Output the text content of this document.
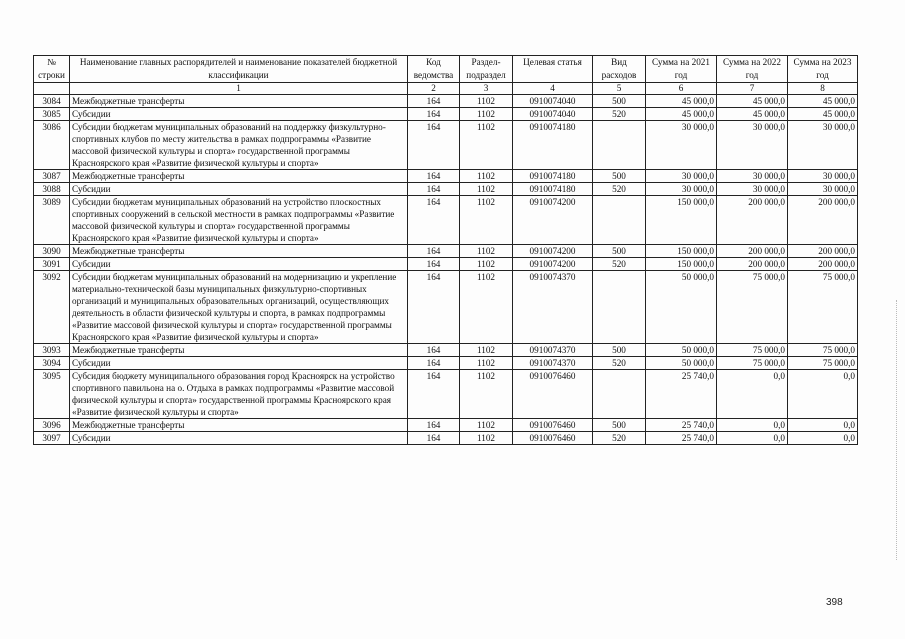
№ строки	Наименование главных распорядителей и наименование показателей бюджетной классификации	Код ведомства	Раздел-подраздел	Целевая статья	Вид расходов	Сумма на 2021 год	Сумма на 2022 год	Сумма на 2023 год
	1	2	3	4	5	6	7	8
3084	Межбюджетные трансферты	164	1102	0910074040	500	45 000,0	45 000,0	45 000,0
3085	Субсидии	164	1102	0910074040	520	45 000,0	45 000,0	45 000,0
3086	Субсидии бюджетам муниципальных образований на поддержку физкультурно-спортивных клубов по месту жительства в рамках подпрограммы «Развитие массовой физической культуры и спорта» государственной программы Красноярского края «Развитие физической культуры и спорта»	164	1102	0910074180		30 000,0	30 000,0	30 000,0
3087	Межбюджетные трансферты	164	1102	0910074180	500	30 000,0	30 000,0	30 000,0
3088	Субсидии	164	1102	0910074180	520	30 000,0	30 000,0	30 000,0
3089	Субсидии бюджетам муниципальных образований на устройство плоскостных спортивных сооружений в сельской местности в рамках подпрограммы «Развитие массовой физической культуры и спорта» государственной программы Красноярского края «Развитие физической культуры и спорта»	164	1102	0910074200		150 000,0	200 000,0	200 000,0
3090	Межбюджетные трансферты	164	1102	0910074200	500	150 000,0	200 000,0	200 000,0
3091	Субсидии	164	1102	0910074200	520	150 000,0	200 000,0	200 000,0
3092	Субсидии бюджетам муниципальных образований на модернизацию и укрепление материально-технической базы муниципальных физкультурно-спортивных организаций и муниципальных образовательных организаций, осуществляющих деятельность в области физической культуры и спорта, в рамках подпрограммы «Развитие массовой физической культуры и спорта» государственной программы Красноярского края «Развитие физической культуры и спорта»	164	1102	0910074370		50 000,0	75 000,0	75 000,0
3093	Межбюджетные трансферты	164	1102	0910074370	500	50 000,0	75 000,0	75 000,0
3094	Субсидии	164	1102	0910074370	520	50 000,0	75 000,0	75 000,0
3095	Субсидия бюджету муниципального образования город Красноярск на устройство спортивного павильона на о. Отдыха в рамках подпрограммы «Развитие массовой физической культуры и спорта» государственной программы Красноярского края «Развитие физической культуры и спорта»	164	1102	0910076460		25 740,0	0,0	0,0
3096	Межбюджетные трансферты	164	1102	0910076460	500	25 740,0	0,0	0,0
3097	Субсидии	164	1102	0910076460	520	25 740,0	0,0	0,0
398
